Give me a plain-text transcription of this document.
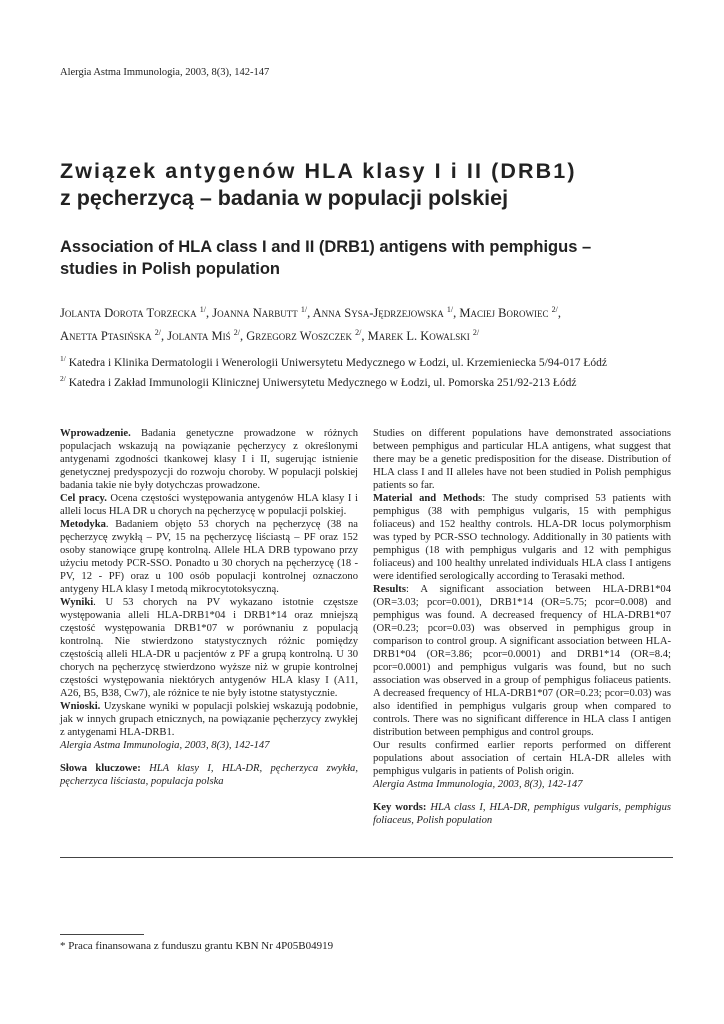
Alergia Astma Immunologia, 2003, 8(3), 142-147
Związek antygenów HLA klasy I i II (DRB1)
z pęcherzycą – badania w populacji polskiej
Association of HLA class I and II (DRB1) antigens with pemphigus –
studies in Polish population
Jolanta Dorota Torzecka $^{1/}$, Joanna Narbutt $^{1/}$, Anna Sysa-Jędrzejowska $^{1/}$, Maciej Borowiec $^{2/}$,
Anetta Ptasińska $^{2/}$, Jolanta Miś $^{2/}$, Grzegorz Woszczek $^{2/}$, Marek L. Kowalski $^{2/}$
$^{1/}$ Katedra i Klinika Dermatologii i Wenerologii Uniwersytetu Medycznego w Łodzi, ul. Krzemieniecka 5/94-017 Łódź
$^{2/}$ Katedra i Zakład Immunologii Klinicznej Uniwersytetu Medycznego w Łodzi, ul. Pomorska 251/92-213 Łódź

Wprowadzenie. Badania genetyczne prowadzone w różnych populacjach wskazują na powiązanie pęcherzycy z określonymi antygenami zgodności tkankowej klasy I i II, sugerując istnienie genetycznej predyspozycji do rozwoju choroby. W populacji polskiej badania takie nie były dotychczas prowadzone.

Cel pracy. Ocena częstości występowania antygenów HLA klasy I i alleli locus HLA DR u chorych na pęcherzycę w populacji polskiej.

Metodyka. Badaniem objęto 53 chorych na pęcherzycę (38 na pęcherzycę zwykłą – PV, 15 na pęcherzycę liściastą – PF oraz 152 osoby stanowiące grupę kontrolną. Allele HLA DRB typowano przy użyciu metody PCR-SSO. Ponadto u 30 chorych na pęcherzycę (18 - PV, 12 - PF) oraz u 100 osób populacji kontrolnej oznaczono antygeny HLA klasy I metodą mikrocytotoksyczną.

Wyniki. U 53 chorych na PV wykazano istotnie częstsze występowania alleli HLA-DRB1*04 i DRB1*14 oraz mniejszą częstość występowania DRB1*07 w porównaniu z populacją kontrolną. Nie stwierdzono statystycznych różnic pomiędzy częstością alleli HLA-DR u pacjentów z PF a grupą kontrolną. U 30 chorych na pęcherzycę stwierdzono wyższe niż w grupie kontrolnej częstości występowania niektórych antygenów HLA klasy I (A11, A26, B5, B38, Cw7), ale różnice te nie były istotne statystycznie.

Wnioski. Uzyskane wyniki w populacji polskiej wskazują podobnie, jak w innych grupach etnicznych, na powiązanie pęcherzycy zwykłej z antygenami HLA-DRB1.

Alergia Astma Immunologia, 2003, 8(3), 142-147

Słowa kluczowe: HLA klasy I, HLA-DR, pęcherzyca zwykła, pęcherzyca liściasta, populacja polska

Studies on different populations have demonstrated associations between pemphigus and particular HLA antigens, what suggest that there may be a genetic predisposition for the disease. Distribution of HLA class I and II alleles have not been studied in Polish pemphigus patients so far.

Material and Methods: The study comprised 53 patients with pemphigus (38 with pemphigus vulgaris, 15 with pemphigus foliaceus) and 152 healthy controls. HLA-DR locus polymorphism was typed by PCR-SSO technology. Additionally in 30 patients with pemphigus (18 with pemphigus vulgaris and 12 with pemphigus foliaceus) and 100 healthy unrelated individuals HLA class I antigens were identified serologically according to Terasaki method.

Results: A significant association between HLA-DRB1*04 (OR=3.03; pcor=0.001), DRB1*14 (OR=5.75; pcor=0.008) and pemphigus was found. A decreased frequency of HLA-DRB1*07 (OR=0.23; pcor=0.03) was observed in pemphigus group in comparison to control group. A significant association between HLA-DRB1*04 (OR=3.86; pcor=0.0001) and DRB1*14 (OR=8.4; pcor=0.0001) and pemphigus vulgaris was found, but no such association was observed in a group of pemphigus foliaceus patients. A decreased frequency of HLA-DRB1*07 (OR=0.23; pcor=0.03) was also identified in pemphigus vulgaris group when compared to controls. There was no significant difference in HLA class I antigen distribution between pemphigus and control groups.

Our results confirmed earlier reports performed on different populations about association of certain HLA-DR alleles with pemphigus vulgaris in patients of Polish origin.

Alergia Astma Immunologia, 2003, 8(3), 142-147

Key words: HLA class I, HLA-DR, pemphigus vulgaris, pemphigus foliaceus, Polish population

* Praca finansowana z funduszu grantu KBN Nr 4P05B04919
